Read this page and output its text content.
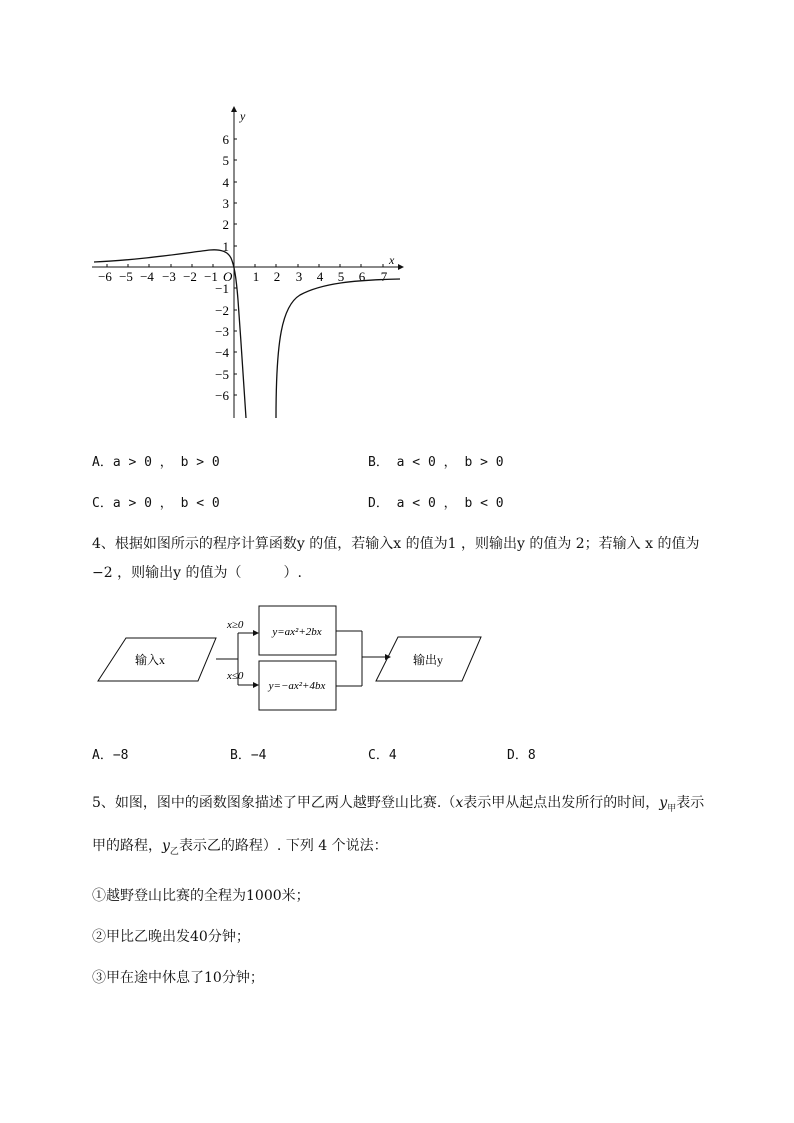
y
x
O
−6 −5 −4 −3 −2 −1	1 2 3 4 5 6 7
6
5
4
3
2
1
−1
−2
−3
−4
−5
−6
A．a > 0 ， b > 0	B． a < 0 ， b > 0
C．a > 0 ， b < 0	D． a < 0 ， b < 0
4、根据如图所示的程序计算函数y 的值，若输入x 的值为1 ，则输出y 的值为 2；若输入 x 的值为
−2 ，则输出y 的值为（　　　）.
输入x
x≥0
x≤0
y=ax²+2bx
y=−ax²+4bx
输出y
A．−8	B．−4	C．4	D．8
5、如图，图中的函数图象描述了甲乙两人越野登山比赛.（x表示甲从起点出发所行的时间，$y_甲$表示
甲的路程，$y_乙$表示乙的路程）. 下列 4 个说法：
①越野登山比赛的全程为1000米；
②甲比乙晚出发40分钟；
③甲在途中休息了10分钟；
